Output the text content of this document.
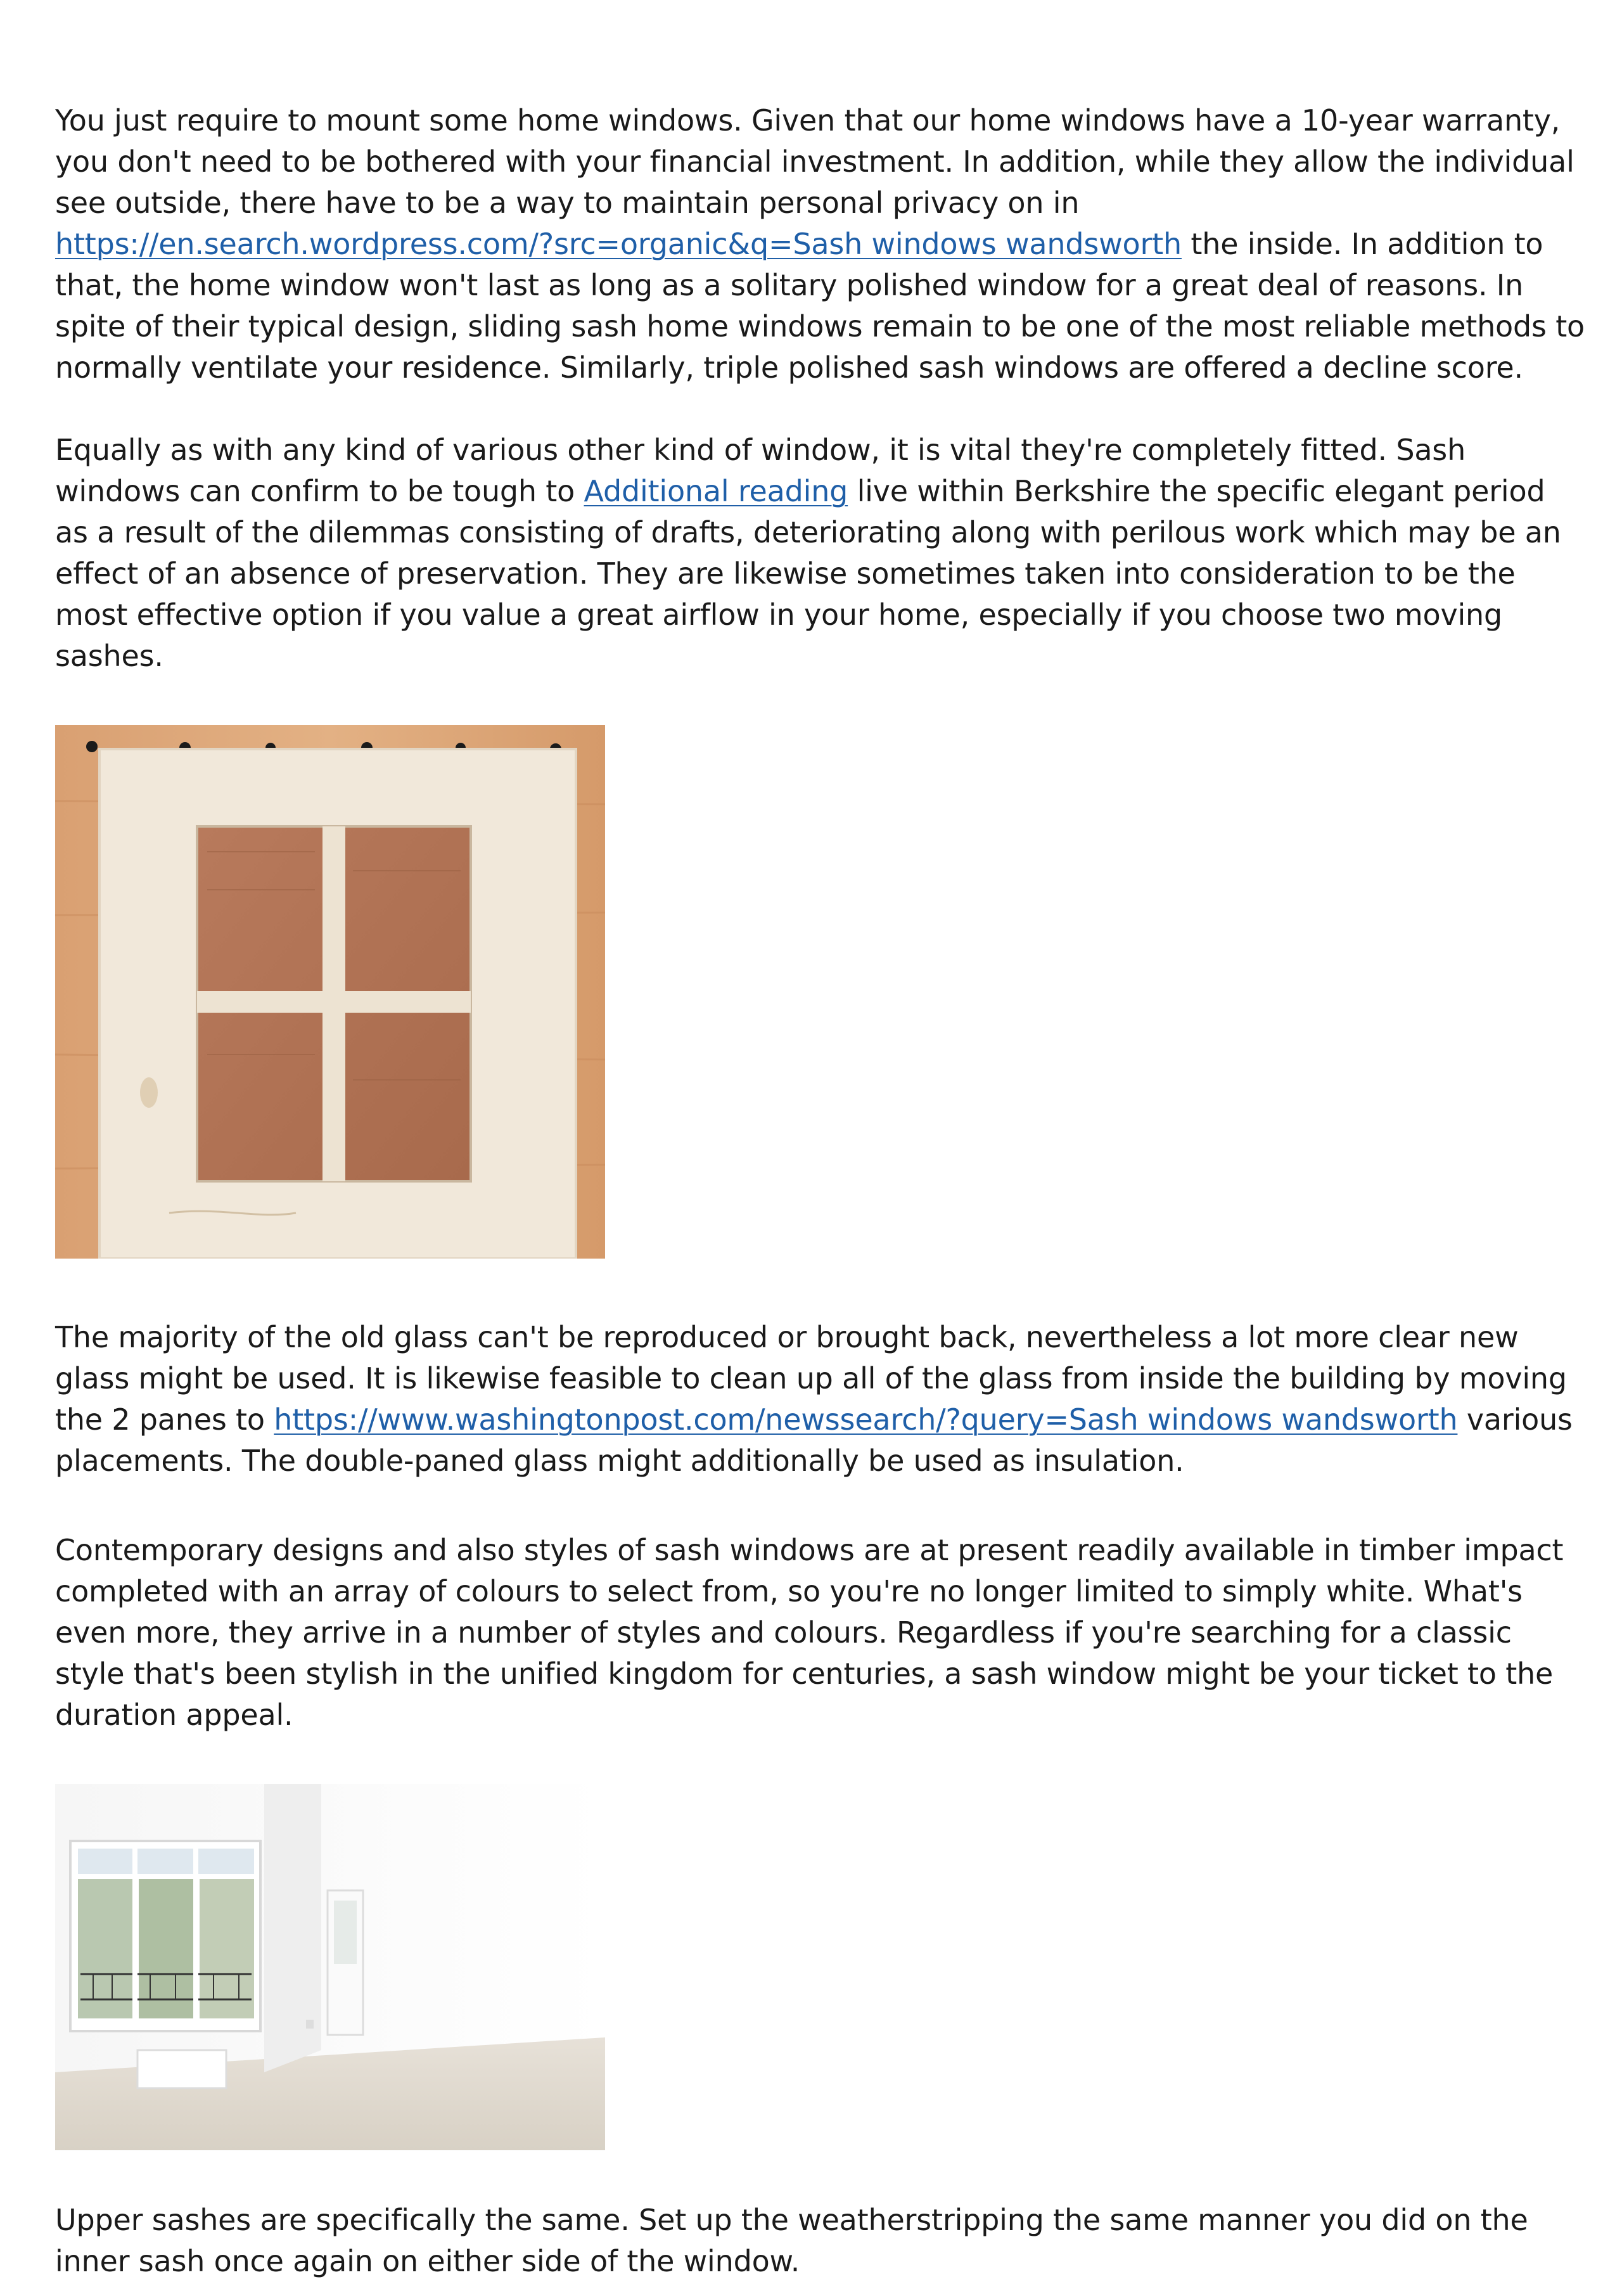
You just require to mount some home windows. Given that our home windows have a 10-year warranty, you don't need to be bothered with your financial investment. In addition, while they allow the individual see outside, there have to be a way to maintain personal privacy on in https://en.search.wordpress.com/?src=organic&q=Sash windows wandsworth the inside. In addition to that, the home window won't last as long as a solitary polished window for a great deal of reasons. In spite of their typical design, sliding sash home windows remain to be one of the most reliable methods to normally ventilate your residence. Similarly, triple polished sash windows are offered a decline score.

Equally as with any kind of various other kind of window, it is vital they're completely fitted. Sash windows can confirm to be tough to Additional reading live within Berkshire the specific elegant period as a result of the dilemmas consisting of drafts, deteriorating along with perilous work which may be an effect of an absence of preservation. They are likewise sometimes taken into consideration to be the most effective option if you value a great airflow in your home, especially if you choose two moving sashes.

The majority of the old glass can't be reproduced or brought back, nevertheless a lot more clear new glass might be used. It is likewise feasible to clean up all of the glass from inside the building by moving the 2 panes to https://www.washingtonpost.com/newssearch/?query=Sash windows wandsworth various placements. The double-paned glass might additionally be used as insulation.

Contemporary designs and also styles of sash windows are at present readily available in timber impact completed with an array of colours to select from, so you're no longer limited to simply white. What's even more, they arrive in a number of styles and colours. Regardless if you're searching for a classic style that's been stylish in the unified kingdom for centuries, a sash window might be your ticket to the duration appeal.

Upper sashes are specifically the same. Set up the weatherstripping the same manner you did on the inner sash once again on either side of the window.
